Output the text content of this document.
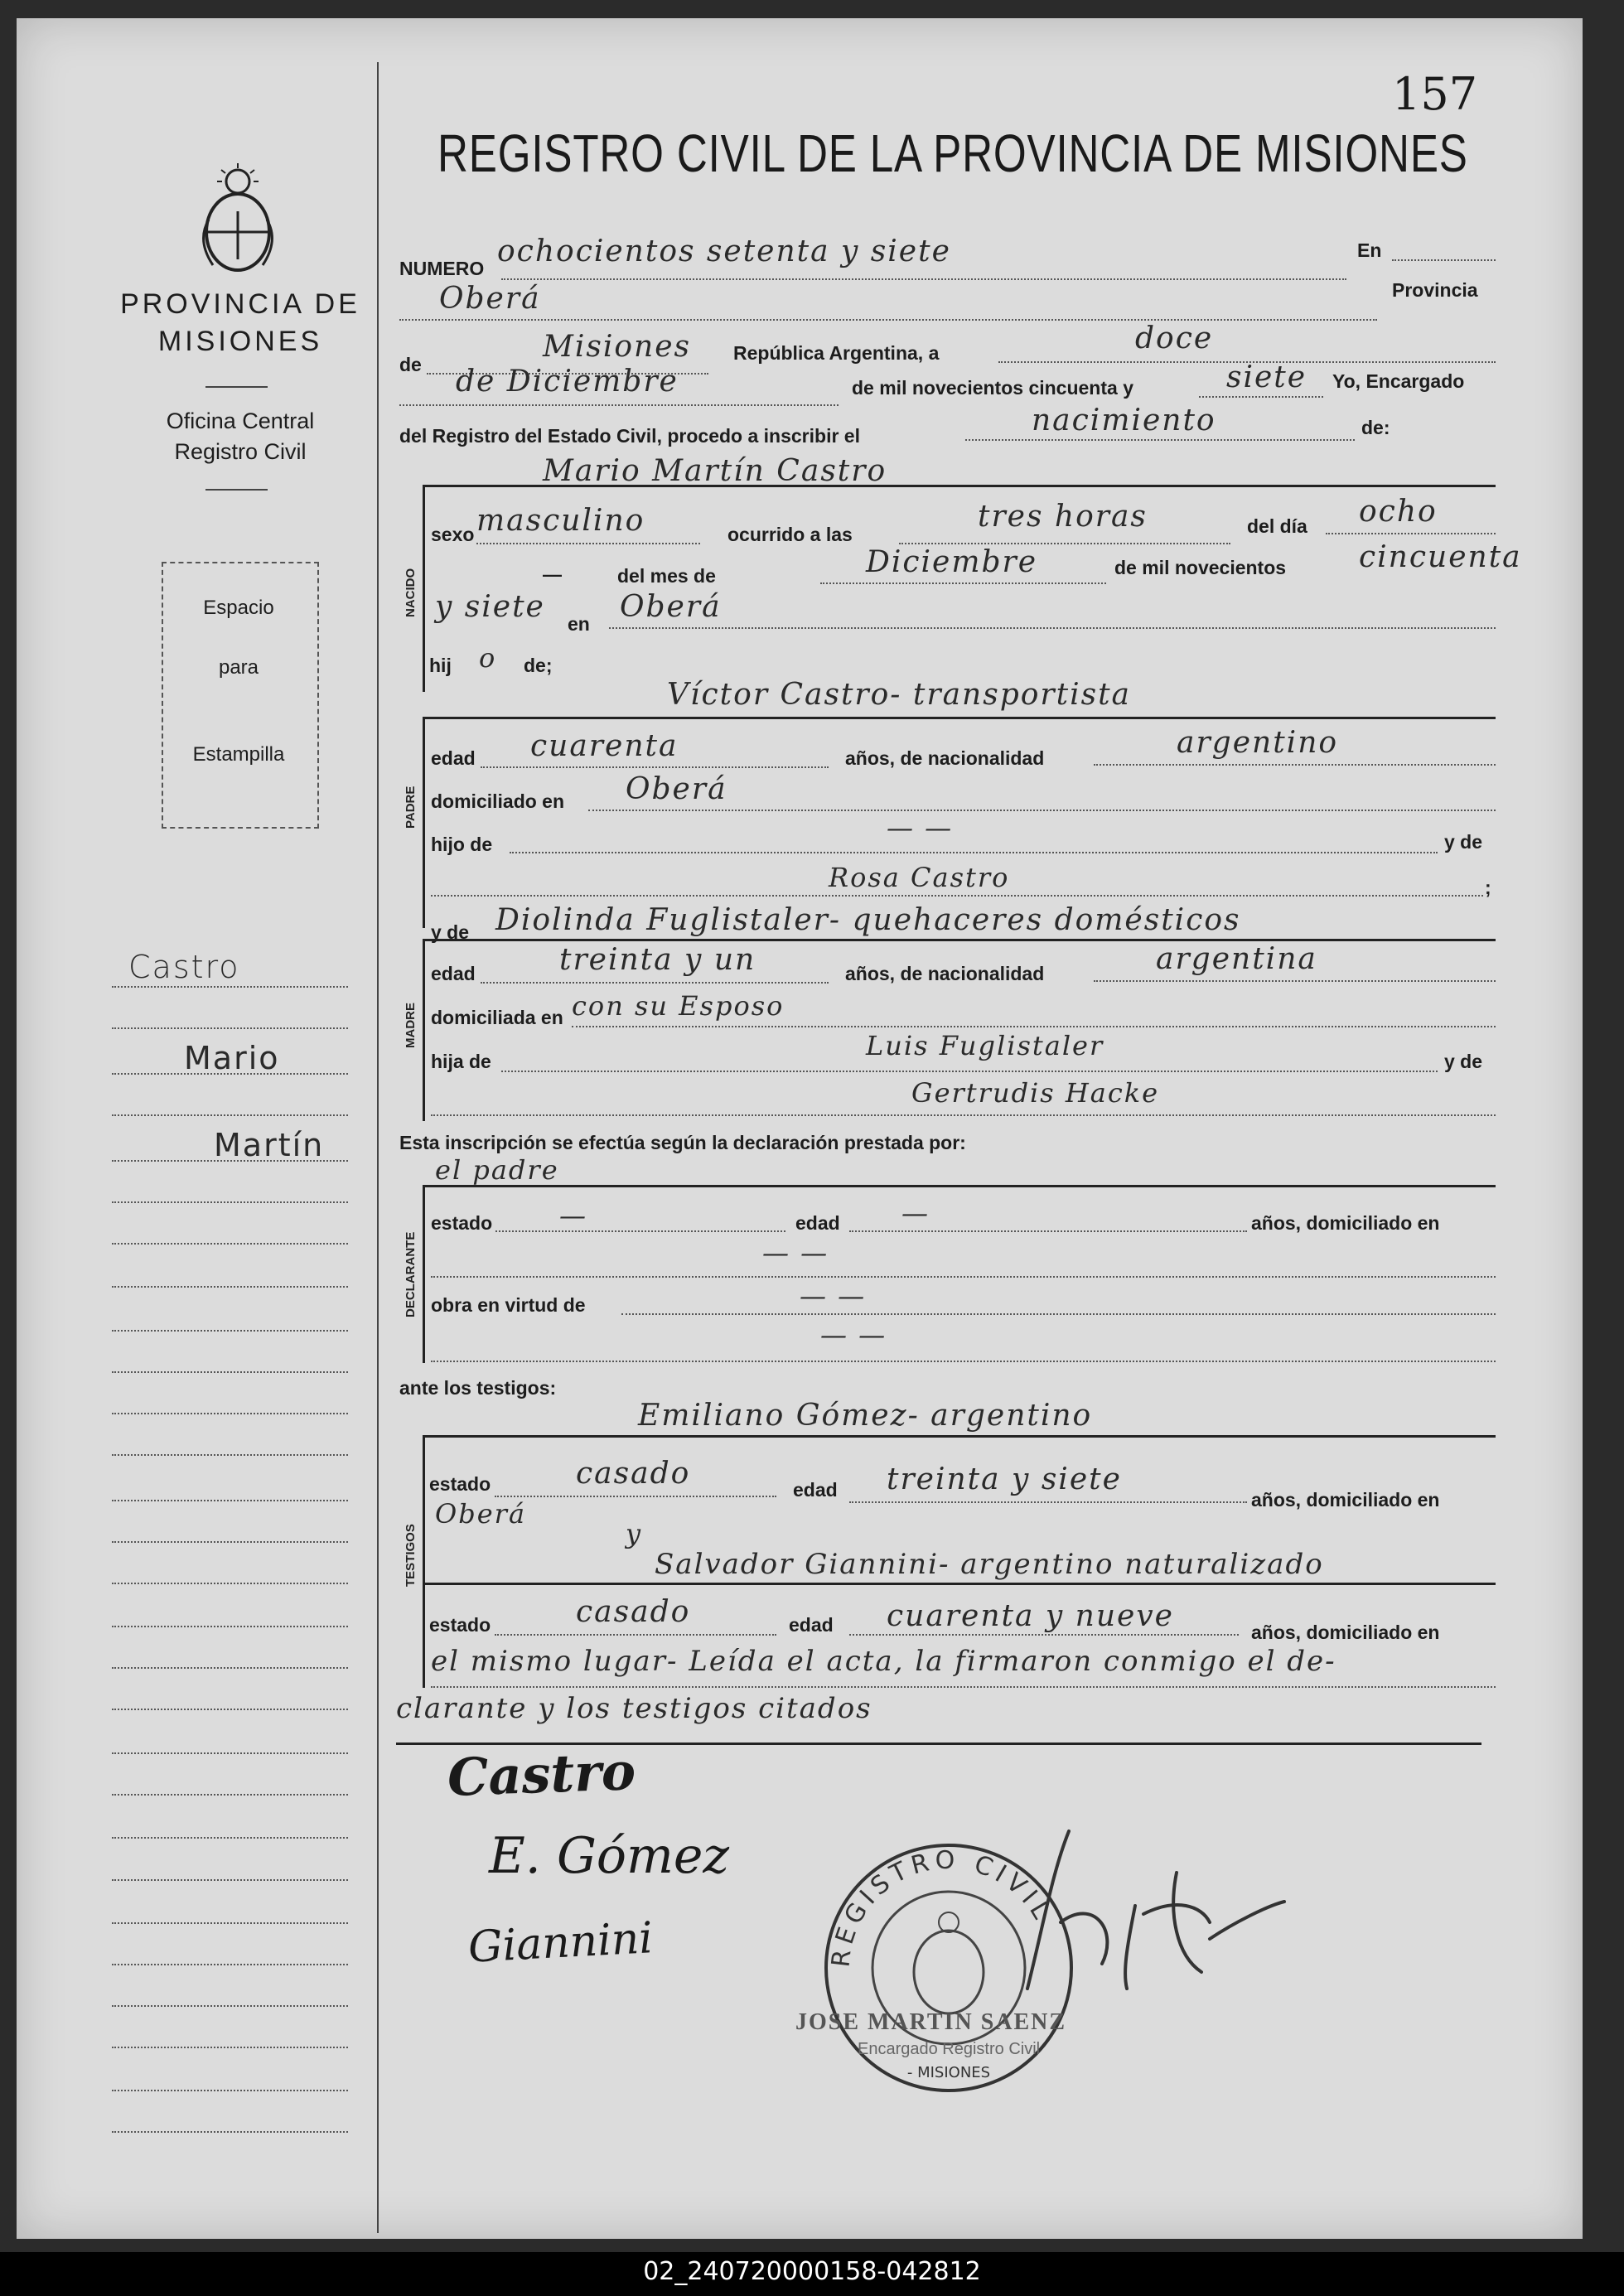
PROVINCIA DE
MISIONES
Oficina Central
Registro Civil
Espacio
para
Estampilla
Castro
Mario
Martín
157
REGISTRO CIVIL DE LA PROVINCIA DE MISIONES
NUMERO ochocientos setenta y siete	En
Oberá	Provincia
de
Misiones República Argentina, a	doce
de Diciembre	de mil novecientos cincuenta y	siete Yo, Encargado
del Registro del Estado Civil, procedo a inscribir el	nacimiento	de:
Mario Martín Castro
NACIDO
sexo masculino	ocurrido a las
tres horas	del día ocho
del mes de
—	Diciembre	de mil novecientos cincuenta
y siete en Oberá
hij o de;
Víctor Castro- transportista
PADRE
edad cuarenta	años, de nacionalidad	argentino
domiciliado en Oberá
— —
hijo de	y de
Rosa Castro	;
y de Diolinda Fuglistaler- quehaceres domésticos
MADRE
edad	treinta y un	años, de nacionalidad	argentina
domiciliada en con su Esposo
hija de	Luis Fuglistaler	y de
Gertrudis Hacke
Esta inscripción se efectúa según la declaración prestada por:
el padre
DECLARANTE
estado	—	edad —	años, domiciliado en
— —
obra en virtud de	— —
— —
ante los testigos:
Emiliano Gómez- argentino
TESTIGOS
estado	casado	edad treinta y siete
años, domiciliado en
Oberá
y
Salvador Giannini- argentino naturalizado
estado	casado	edad cuarenta y nueve	años, domiciliado en
el mismo lugar- Leída el acta, la firmaron conmigo el de-
clarante y los testigos citados
Castro
E. Gómez
Giannini	REGISTRO CIVIL
- MISIONES
JOSE MARTIN SAENZ
Encargado Registro Civil
02_240720000158-042812
